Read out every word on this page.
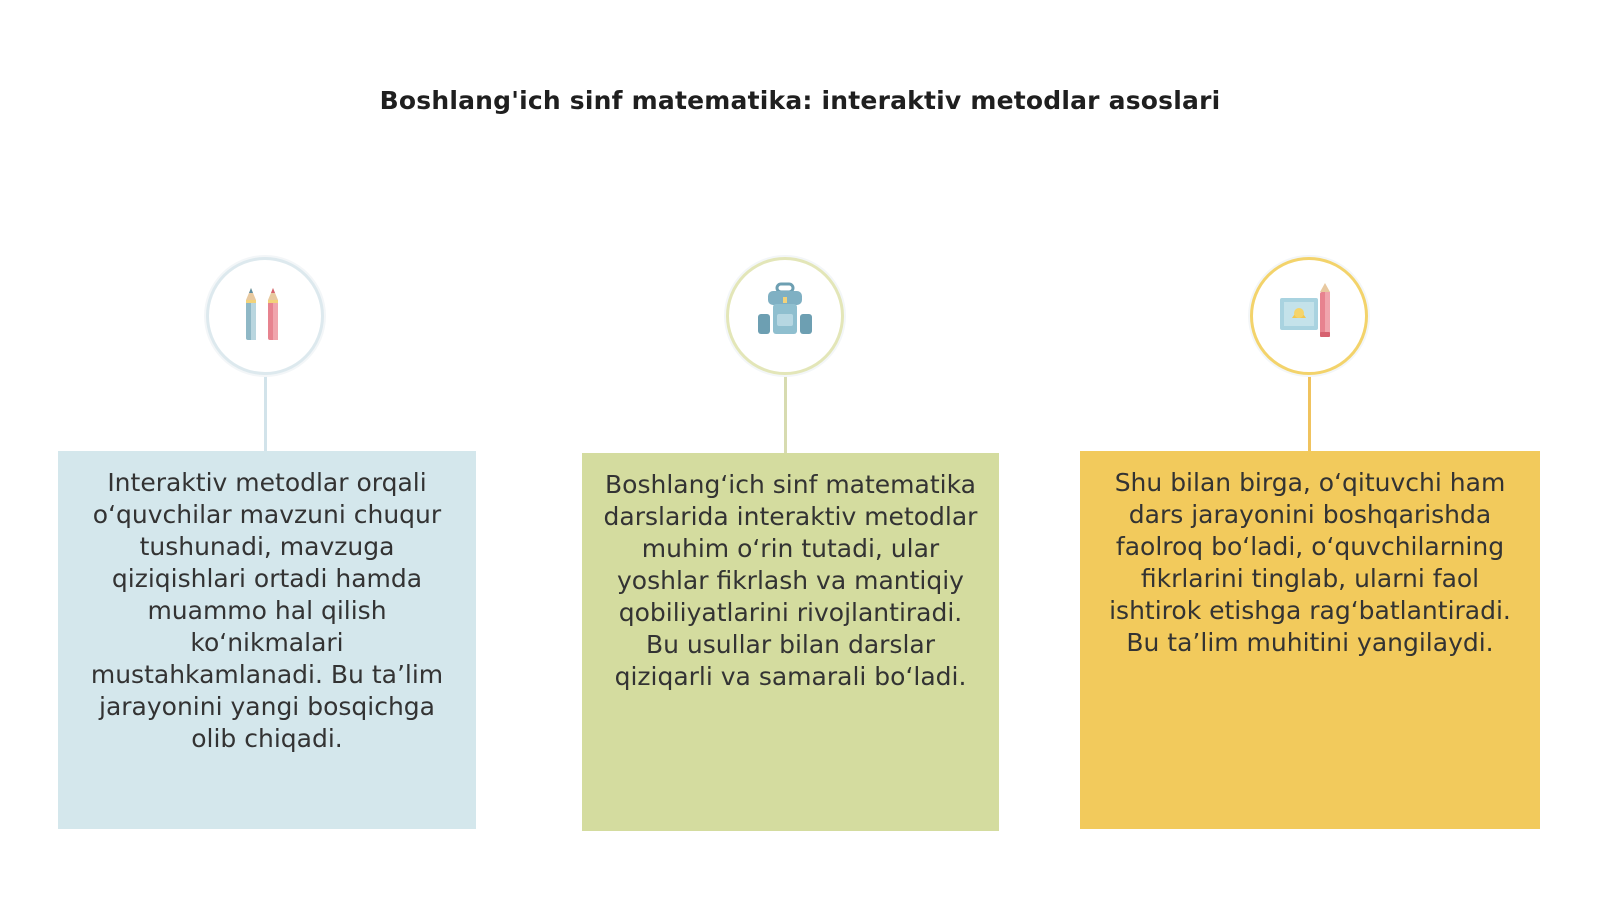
Boshlang'ich sinf matematika: interaktiv metodlar asoslari
Interaktiv metodlar orqali o‘quvchilar mavzuni chuqur tushunadi, mavzuga qiziqishlari ortadi hamda muammo hal qilish ko‘nikmalari mustahkamlanadi. Bu ta’lim jarayonini yangi bosqichga olib chiqadi.
Boshlang‘ich sinf matematika darslarida interaktiv metodlar muhim o‘rin tutadi, ular yoshlar fikrlash va mantiqiy qobiliyatlarini rivojlantiradi. Bu usullar bilan darslar qiziqarli va samarali bo‘ladi.
Shu bilan birga, o‘qituvchi ham dars jarayonini boshqarishda faolroq bo‘ladi, o‘quvchilarning fikrlarini tinglab, ularni faol ishtirok etishga rag‘batlantiradi. Bu ta’lim muhitini yangilaydi.
